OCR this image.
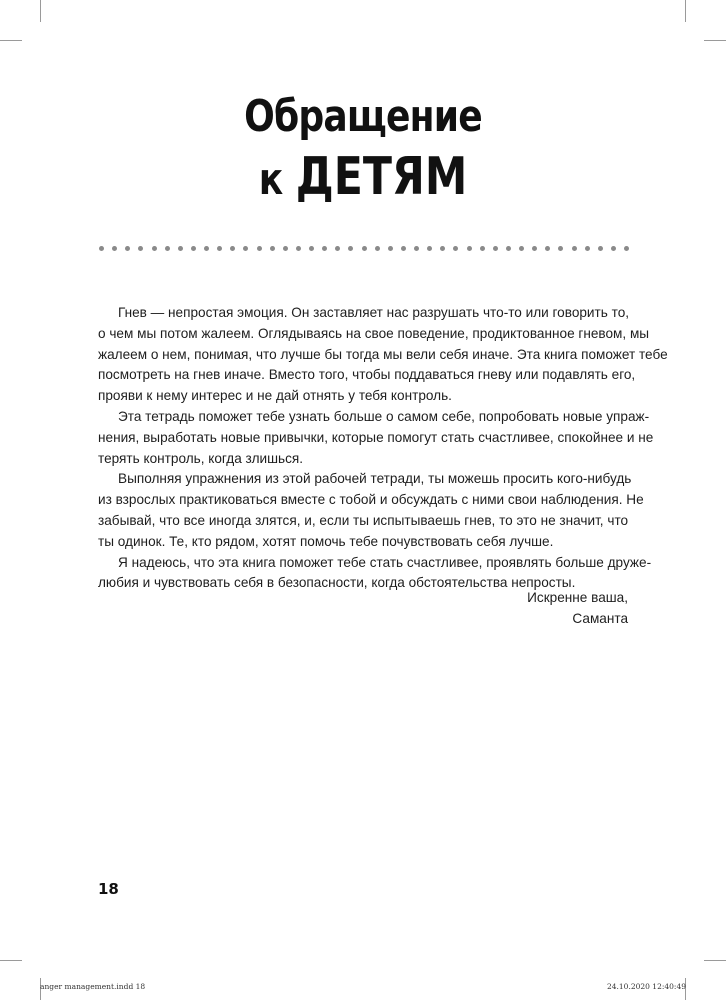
Обращение
к ДЕТЯМ
Гнев — непростая эмоция. Он заставляет нас разрушать что-то или говорить то,
о чем мы потом жалеем. Оглядываясь на свое поведение, продиктованное гневом, мы
жалеем о нем, понимая, что лучше бы тогда мы вели себя иначе. Эта книга поможет тебе
посмотреть на гнев иначе. Вместо того, чтобы поддаваться гневу или подавлять его,
прояви к нему интерес и не дай отнять у тебя контроль.
Эта тетрадь поможет тебе узнать больше о самом себе, попробовать новые упраж-
нения, выработать новые привычки, которые помогут стать счастливее, спокойнее и не
терять контроль, когда злишься.
Выполняя упражнения из этой рабочей тетради, ты можешь просить кого-нибудь
из взрослых практиковаться вместе с тобой и обсуждать с ними свои наблюдения. Не
забывай, что все иногда злятся, и, если ты испытываешь гнев, то это не значит, что
ты одинок. Те, кто рядом, хотят помочь тебе почувствовать себя лучше.
Я надеюсь, что эта книга поможет тебе стать счастливее, проявлять больше друже-
любия и чувствовать себя в безопасности, когда обстоятельства непросты.
Искренне ваша,
Саманта
18
anger management.indd 18	24.10.2020 12:40:49
